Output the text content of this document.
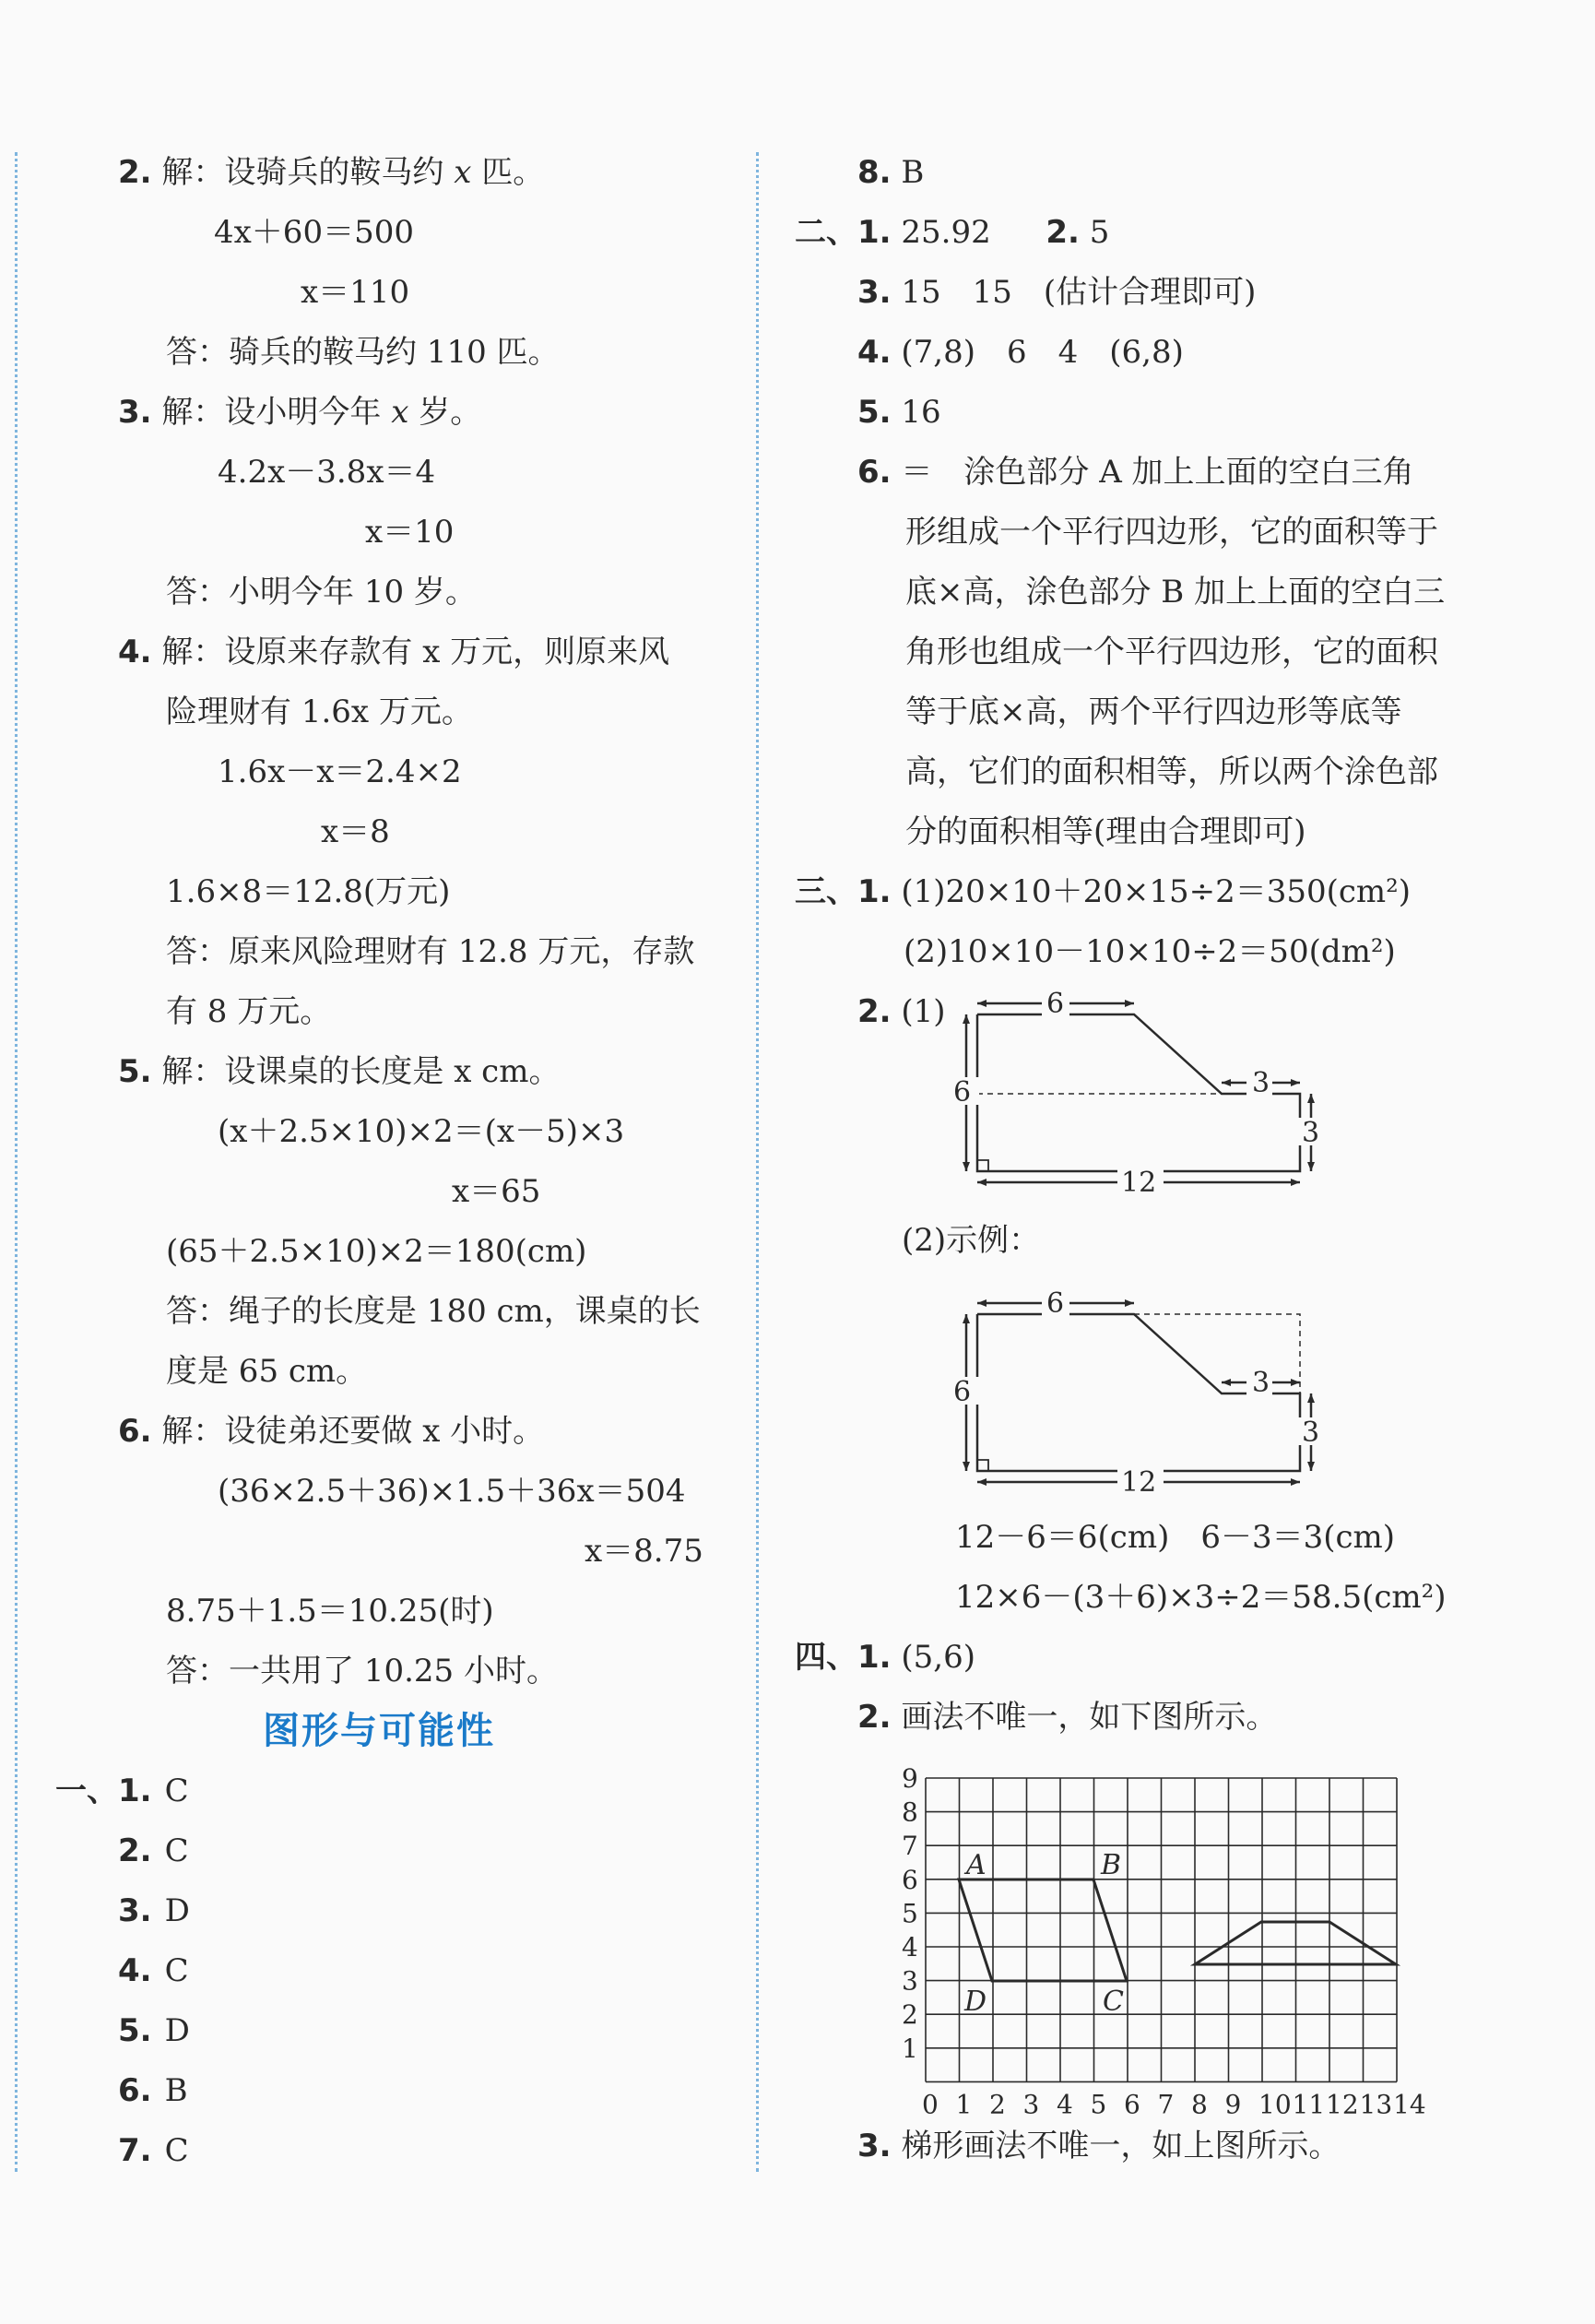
2. 解：设骑兵的鞍马约 x 匹。
4x＋60＝500
x＝110
答：骑兵的鞍马约 110 匹。
3. 解：设小明今年 x 岁。
4.2x－3.8x＝4
x＝10
答：小明今年 10 岁。
4. 解：设原来存款有 x 万元，则原来风
险理财有 1.6x 万元。
1.6x－x＝2.4×2
x＝8
1.6×8＝12.8(万元)
答：原来风险理财有 12.8 万元，存款
有 8 万元。
5. 解：设课桌的长度是 x cm。
(x＋2.5×10)×2＝(x－5)×3
x＝65
(65＋2.5×10)×2＝180(cm)
答：绳子的长度是 180 cm，课桌的长
度是 65 cm。
6. 解：设徒弟还要做 x 小时。
(36×2.5＋36)×1.5＋36x＝504
x＝8.75
8.75＋1.5＝10.25(时)
答：一共用了 10.25 小时。
图形与可能性
一、 1. C
2. C
3. D
4. C
5. D
6. B
7. C
8. B
二、 1. 25.92 2. 5
3. 15　15　(估计合理即可)
4. (7,8)　6　4　(6,8)
5. 16
6. ＝　涂色部分 A 加上上面的空白三角
形组成一个平行四边形，它的面积等于
底×高，涂色部分 B 加上上面的空白三
角形也组成一个平行四边形，它的面积
等于底×高，两个平行四边形等底等
高，它们的面积相等，所以两个涂色部
分的面积相等(理由合理即可)
三、 1. (1)20×10＋20×15÷2＝350(cm²)
(2)10×10－10×10÷2＝50(dm²)
2. (1)	6
3
6
3
12
(2)示例：
6
3
6
3
12
12－6＝6(cm)　6－3＝3(cm)
12×6－(3＋6)×3÷2＝58.5(cm²)
四、 1. (5,6)
2. 画法不唯一，如下图所示。
0 1 2 3 4 5 6 7 8 9 10 11 12 13 14
1
2
3
4
5
6
7
8
9
A	B
C
D
3. 梯形画法不唯一，如上图所示。
